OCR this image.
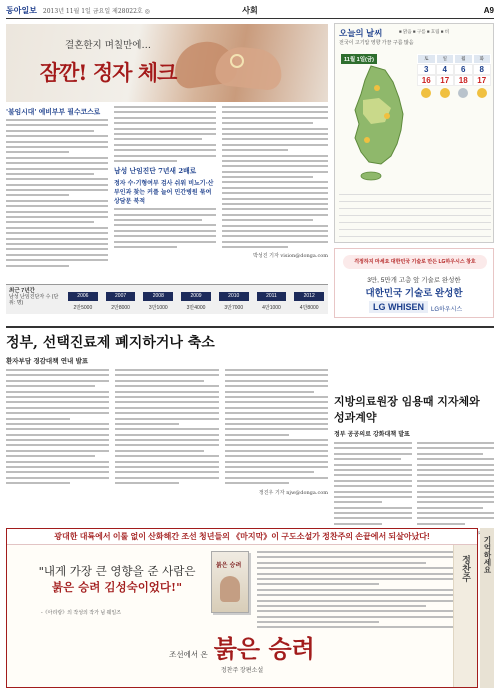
동아일보 2013년 11월 1일 금요일 제28022호 ◎	사회	A9
결혼한지 며칠만에…
잠깐! 정자 체크
'불임시대' 예비부부 필수코스로
남성 난임진단 7년새 2배로
정자 수·기형여부 검사 쉬워 비뇨기·산부인과 찾는 커플 늘어 민간병원 묶여 상담문 북적
박성진 기자 vision@donga.com
최근 7년간
남성 난임진단자 수 (단위: 명)
2006
2만5000
2007
2만8000
2008
3만1000
2009
3만4000
2010
3만7000
2011
4만1000
2012
4만8000
오늘의 날씨	■ 맑음 ■ 구름 ■ 흐림 ■ 비
전국이 고기압 영향 가끔 구름 많음
11월 1일(금)	토	일	월	화
3	4	6	8
16	17	18	17
걱정하지 마세요 대한민국 기술로 만든 LG하우시스 창호
3만, 5만개 고층 앞 기술로 완성한
대한민국 기술로 완성한
LG WHISEN	LG하우시스
정부, 선택진료제 폐지하거나 축소
환자부담 경감대책 연내 발표
정진우 기자 njw@donga.com
지방의료원장 임용때 지자체와 성과계약
정부 공공의료 강화대책 발표
광대한 대륙에서 이룰 없이 산화해간 조선 청년들의 《마지막》이 구도소설가 정찬주의 손끝에서 되살아났다!
"내게 가장 큰 영향을 준 사람은
붉은 승려 김성숙이었다!"
-《아리랑》의 작성의 작가 님 웨일즈
붉은 승려
조선에서 온 붉은 승려
정찬주 장편소설
정찬주 기억하세요
